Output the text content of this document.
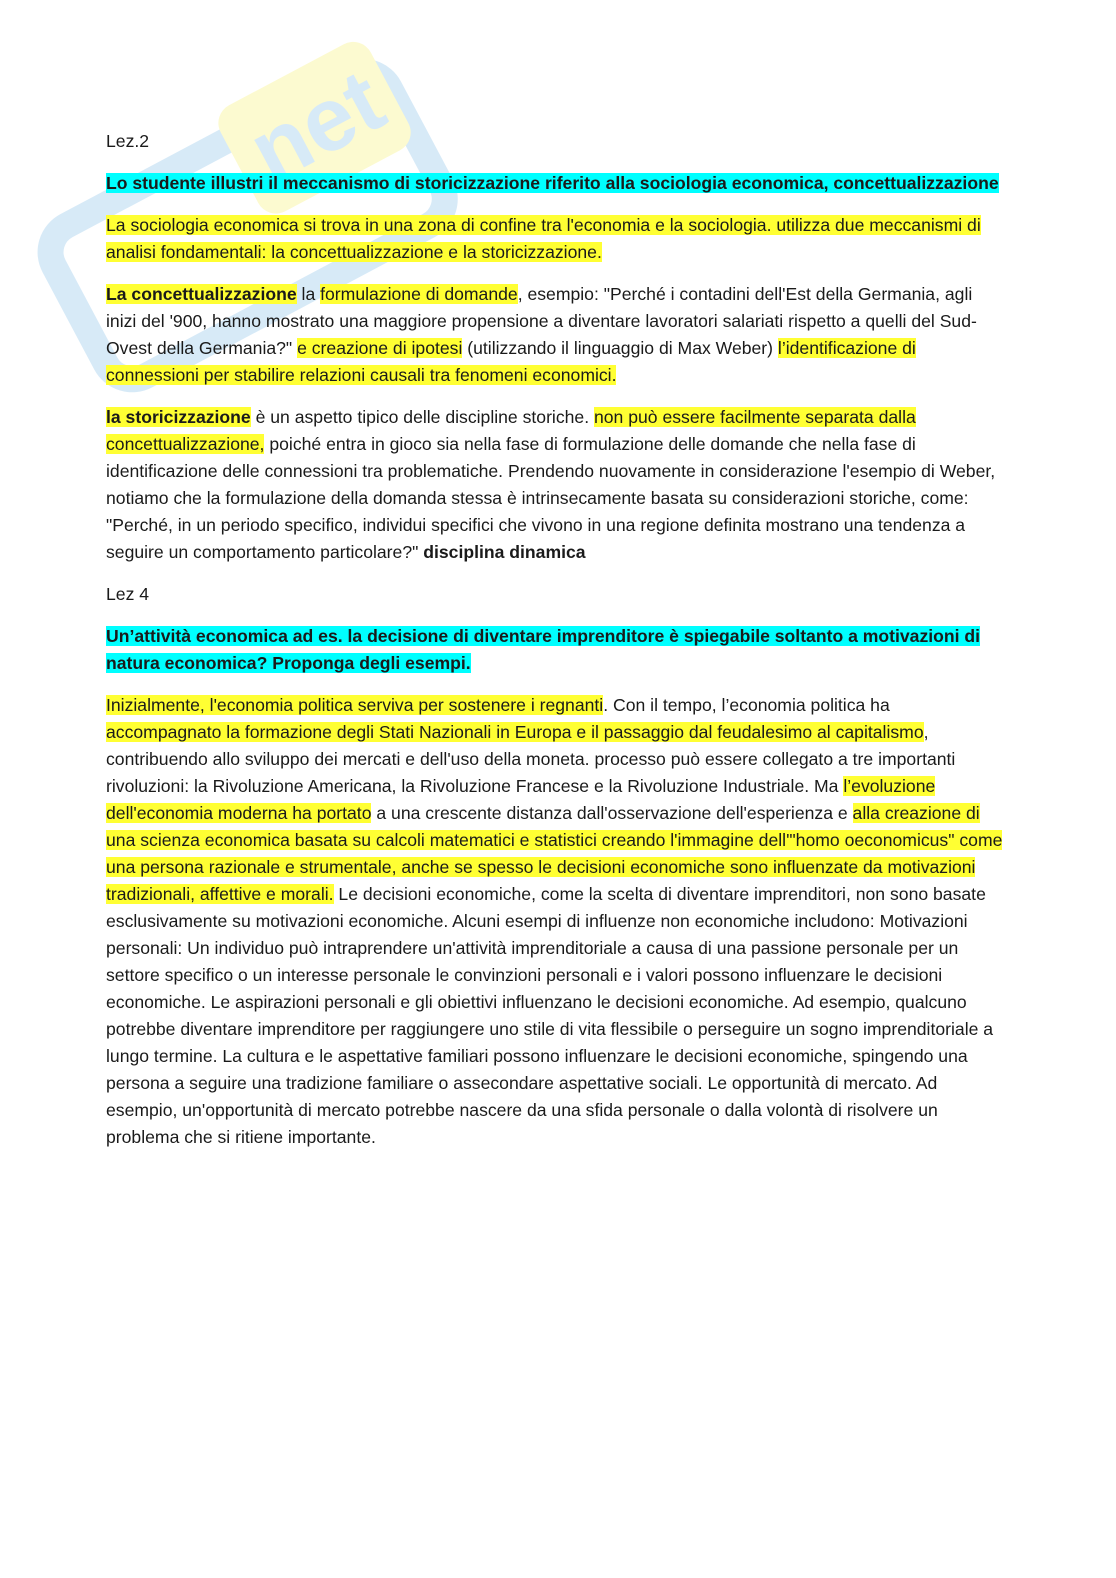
net

Lez.2

Lo studente illustri il meccanismo di storicizzazione riferito alla sociologia economica, concettualizzazione

La sociologia economica si trova in una zona di confine tra l'economia e la sociologia. utilizza due meccanismi di analisi fondamentali: la concettualizzazione e la storicizzazione.

La concettualizzazione la formulazione di domande, esempio: "Perché i contadini dell'Est della Germania, agli inizi del '900, hanno mostrato una maggiore propensione a diventare lavoratori salariati rispetto a quelli del Sud-Ovest della Germania?" e creazione di ipotesi (utilizzando il linguaggio di Max Weber) l’identificazione di connessioni per stabilire relazioni causali tra fenomeni economici.

la storicizzazione è un aspetto tipico delle discipline storiche. non può essere facilmente separata dalla concettualizzazione, poiché entra in gioco sia nella fase di formulazione delle domande che nella fase di identificazione delle connessioni tra problematiche. Prendendo nuovamente in considerazione l'esempio di Weber, notiamo che la formulazione della domanda stessa è intrinsecamente basata su considerazioni storiche, come: "Perché, in un periodo specifico, individui specifici che vivono in una regione definita mostrano una tendenza a seguire un comportamento particolare?" disciplina dinamica

Lez 4

Un’attività economica ad es. la decisione di diventare imprenditore è spiegabile soltanto a motivazioni di natura economica? Proponga degli esempi.

Inizialmente, l'economia politica serviva per sostenere i regnanti. Con il tempo, l’economia politica ha accompagnato la formazione degli Stati Nazionali in Europa e il passaggio dal feudalesimo al capitalismo, contribuendo allo sviluppo dei mercati e dell'uso della moneta. processo può essere collegato a tre importanti rivoluzioni: la Rivoluzione Americana, la Rivoluzione Francese e la Rivoluzione Industriale. Ma l’evoluzione dell'economia moderna ha portato a una crescente distanza dall'osservazione dell'esperienza e alla creazione di una scienza economica basata su calcoli matematici e statistici creando l'immagine dell'"homo oeconomicus" come una persona razionale e strumentale, anche se spesso le decisioni economiche sono influenzate da motivazioni tradizionali, affettive e morali. Le decisioni economiche, come la scelta di diventare imprenditori, non sono basate esclusivamente su motivazioni economiche. Alcuni esempi di influenze non economiche includono: Motivazioni personali: Un individuo può intraprendere un'attività imprenditoriale a causa di una passione personale per un settore specifico o un interesse personale le convinzioni personali e i valori possono influenzare le decisioni economiche. Le aspirazioni personali e gli obiettivi influenzano le decisioni economiche. Ad esempio, qualcuno potrebbe diventare imprenditore per raggiungere uno stile di vita flessibile o perseguire un sogno imprenditoriale a lungo termine. La cultura e le aspettative familiari possono influenzare le decisioni economiche, spingendo una persona a seguire una tradizione familiare o assecondare aspettative sociali. Le opportunità di mercato. Ad esempio, un'opportunità di mercato potrebbe nascere da una sfida personale o dalla volontà di risolvere un problema che si ritiene importante.
